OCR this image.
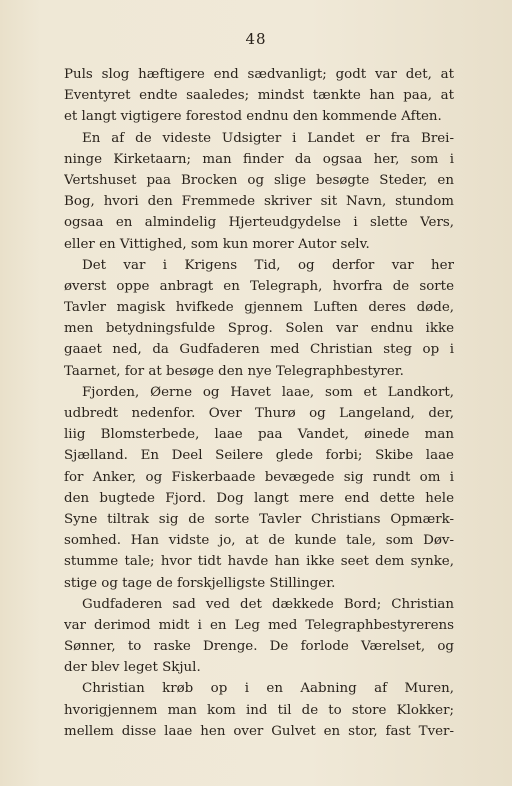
48
Puls slog hæftigere end sædvanligt; godt var det, at
Eventyret endte saaledes; mindst tænkte han paa, at
et langt vigtigere forestod endnu den kommende Aften.
En af de videste Udsigter i Landet er fra Brei-
ninge Kirketaarn; man finder da ogsaa her, som i
Vertshuset paa Brocken og slige besøgte Steder, en
Bog, hvori den Fremmede skriver sit Navn, stundom
ogsaa en almindelig Hjerteudgydelse i slette Vers,
eller en Vittighed, som kun morer Autor selv.
Det var i Krigens Tid, og derfor var her
øverst oppe anbragt en Telegraph, hvorfra de sorte
Tavler magisk hvifkede gjennem Luften deres døde,
men betydningsfulde Sprog. Solen var endnu ikke
gaaet ned, da Gudfaderen med Christian steg op i
Taarnet, for at besøge den nye Telegraphbestyrer.
Fjorden, Øerne og Havet laae, som et Landkort,
udbredt nedenfor. Over Thurø og Langeland, der,
liig Blomsterbede, laae paa Vandet, øinede man
Sjælland. En Deel Seilere glede forbi; Skibe laae
for Anker, og Fiskerbaade bevægede sig rundt om i
den bugtede Fjord. Dog langt mere end dette hele
Syne tiltrak sig de sorte Tavler Christians Opmærk-
somhed. Han vidste jo, at de kunde tale, som Døv-
stumme tale; hvor tidt havde han ikke seet dem synke,
stige og tage de forskjelligste Stillinger.
Gudfaderen sad ved det dækkede Bord; Christian
var derimod midt i en Leg med Telegraphbestyrerens
Sønner, to raske Drenge. De forlode Værelset, og
der blev leget Skjul.
Christian krøb op i en Aabning af Muren,
hvorigjennem man kom ind til de to store Klokker;
mellem disse laae hen over Gulvet en stor, fast Tver-
